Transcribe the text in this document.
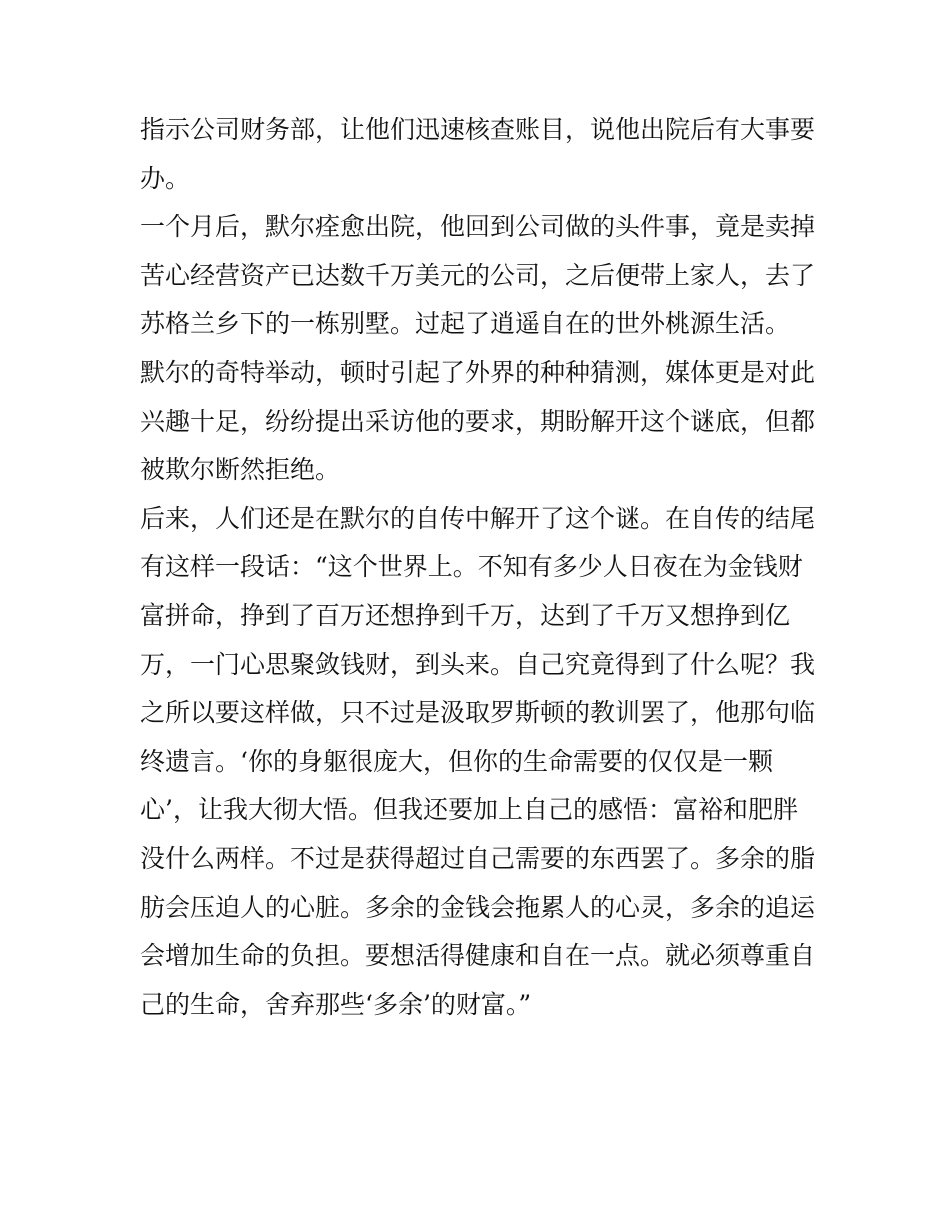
指示公司财务部，让他们迅速核查账目，说他出院后有大事要
办。
一个月后，默尔痊愈出院，他回到公司做的头件事，竟是卖掉
苦心经营资产已达数千万美元的公司，之后便带上家人，去了
苏格兰乡下的一栋别墅。过起了逍遥自在的世外桃源生活。
默尔的奇特举动，顿时引起了外界的种种猜测，媒体更是对此
兴趣十足，纷纷提出采访他的要求，期盼解开这个谜底，但都
被欺尔断然拒绝。
后来，人们还是在默尔的自传中解开了这个谜。在自传的结尾
有这样一段话：“这个世界上。不知有多少人日夜在为金钱财
富拼命，挣到了百万还想挣到千万，达到了千万又想挣到亿
万，一门心思聚敛钱财，到头来。自己究竟得到了什么呢？我
之所以要这样做，只不过是汲取罗斯顿的教训罢了，他那句临
终遗言。‘你的身躯很庞大，但你的生命需要的仅仅是一颗
心’，让我大彻大悟。但我还要加上自己的感悟：富裕和肥胖
没什么两样。不过是获得超过自己需要的东西罢了。多余的脂
肪会压迫人的心脏。多余的金钱会拖累人的心灵，多余的追运
会增加生命的负担。要想活得健康和自在一点。就必须尊重自
己的生命，舍弃那些‘多余’的财富。”
